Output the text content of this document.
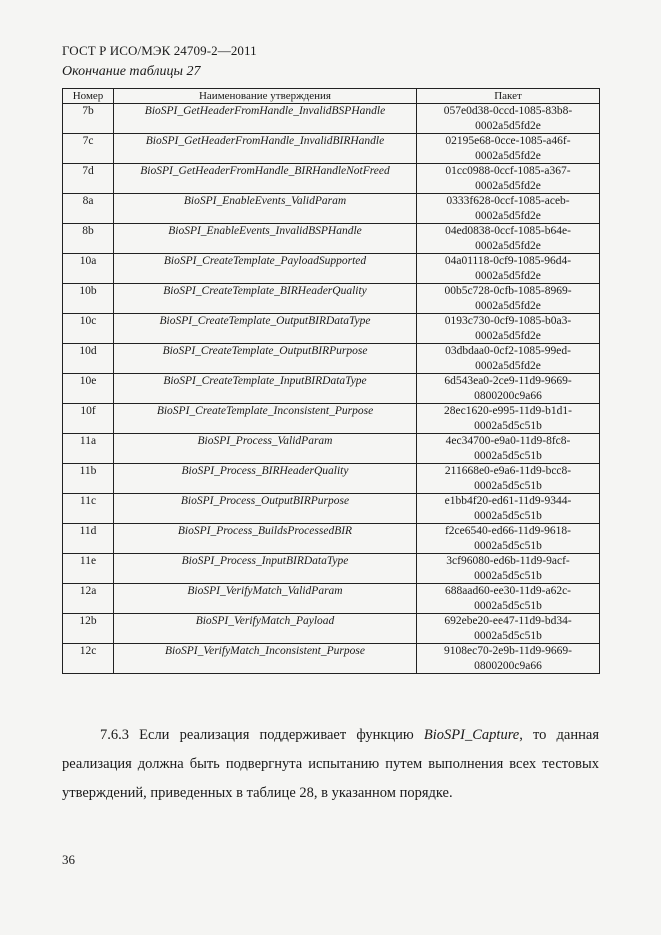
ГОСТ Р ИСО/МЭК 24709-2—2011
Окончание таблицы 27
Номер	Наименование утверждения	Пакет
7b	BioSPI_GetHeaderFromHandle_InvalidBSPHandle	057e0d38-0ccd-1085-83b8-
0002a5d5fd2e

7c	BioSPI_GetHeaderFromHandle_InvalidBIRHandle	02195e68-0cce-1085-a46f-
0002a5d5fd2e

7d	BioSPI_GetHeaderFromHandle_BIRHandleNotFreed	01cc0988-0ccf-1085-a367-
0002a5d5fd2e

8a	BioSPI_EnableEvents_ValidParam	0333f628-0ccf-1085-aceb-
0002a5d5fd2e

8b	BioSPI_EnableEvents_InvalidBSPHandle	04ed0838-0ccf-1085-b64e-
0002a5d5fd2e

10a	BioSPI_CreateTemplate_PayloadSupported	04a01118-0cf9-1085-96d4-
0002a5d5fd2e

10b	BioSPI_CreateTemplate_BIRHeaderQuality	00b5c728-0cfb-1085-8969-
0002a5d5fd2e

10c	BioSPI_CreateTemplate_OutputBIRDataType	0193c730-0cf9-1085-b0a3-
0002a5d5fd2e

10d	BioSPI_CreateTemplate_OutputBIRPurpose	03dbdaa0-0cf2-1085-99ed-
0002a5d5fd2e

10e	BioSPI_CreateTemplate_InputBIRDataType	6d543ea0-2ce9-11d9-9669-
0800200c9a66

10f	BioSPI_CreateTemplate_Inconsistent_Purpose	28ec1620-e995-11d9-b1d1-
0002a5d5c51b

11a	BioSPI_Process_ValidParam	4ec34700-e9a0-11d9-8fc8-
0002a5d5c51b

11b	BioSPI_Process_BIRHeaderQuality	211668e0-e9a6-11d9-bcc8-
0002a5d5c51b

11c	BioSPI_Process_OutputBIRPurpose	e1bb4f20-ed61-11d9-9344-
0002a5d5c51b

11d	BioSPI_Process_BuildsProcessedBIR	f2ce6540-ed66-11d9-9618-
0002a5d5c51b

11e	BioSPI_Process_InputBIRDataType	3cf96080-ed6b-11d9-9acf-
0002a5d5c51b

12a	BioSPI_VerifyMatch_ValidParam	688aad60-ee30-11d9-a62c-
0002a5d5c51b

12b	BioSPI_VerifyMatch_Payload	692ebe20-ee47-11d9-bd34-
0002a5d5c51b

12c	BioSPI_VerifyMatch_Inconsistent_Purpose	9108ec70-2e9b-11d9-9669-
0800200c9a66
7.6.3 Если реализация поддерживает функцию BioSPI_Capture, то данная реализация должна быть подвергнута испытанию путем выполнения всех тестовых утверждений, приведенных в таблице 28, в указанном порядке.
36
